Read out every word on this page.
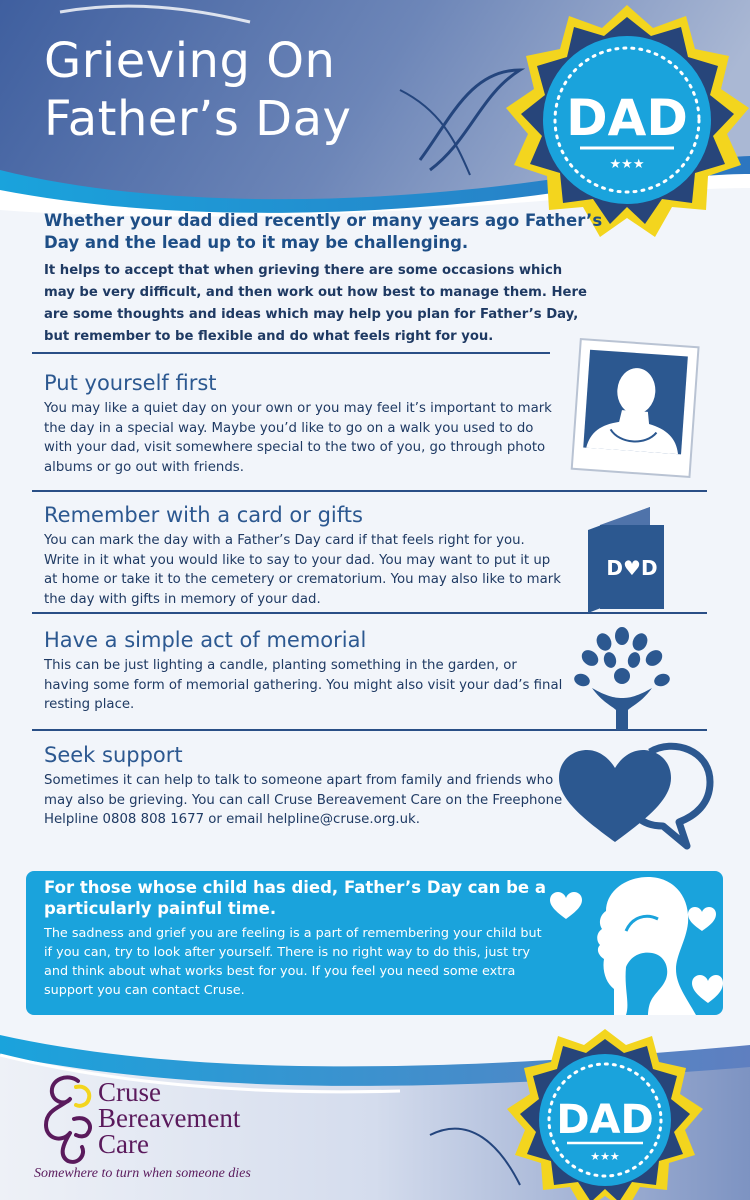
Grieving On
Father’s Day	DAD
★★★

Whether your dad died recently or many years ago Father’s Day and the lead up to it may be challenging.

It helps to accept that when grieving there are some occasions which may be very difficult, and then work out how best to manage them. Here are some thoughts and ideas which may help you plan for Father’s Day, but remember to be flexible and do what feels right for you.

Put yourself first

You may like a quiet day on your own or you may feel it’s important to mark the day in a special way. Maybe you’d like to go on a walk you used to do with your dad, visit somewhere special to the two of you, go through photo albums or go out with friends.

Remember with a card or gifts

You can mark the day with a Father’s Day card if that feels right for you. Write in it what you would like to say to your dad. You may want to put it up at home or take it to the cemetery or crematorium. You may also like to mark the day with gifts in memory of your dad.

D♥D
Have a simple act of memorial

This can be just lighting a candle, planting something in the garden, or having some form of memorial gathering. You might also visit your dad’s final resting place.

Seek support

Sometimes it can help to talk to someone apart from family and friends who may also be grieving. You can call Cruse Bereavement Care on the Freephone Helpline 0808 808 1677 or email helpline@cruse.org.uk.

For those whose child has died, Father’s Day can be a particularly painful time.

The sadness and grief you are feeling is a part of remembering your child but if you can, try to look after yourself. There is no right way to do this, just try and think about what works best for you. If you feel you need some extra support you can contact Cruse.

Cruse

Bereavement

Care

Somewhere to turn when someone dies

DAD
★★★
